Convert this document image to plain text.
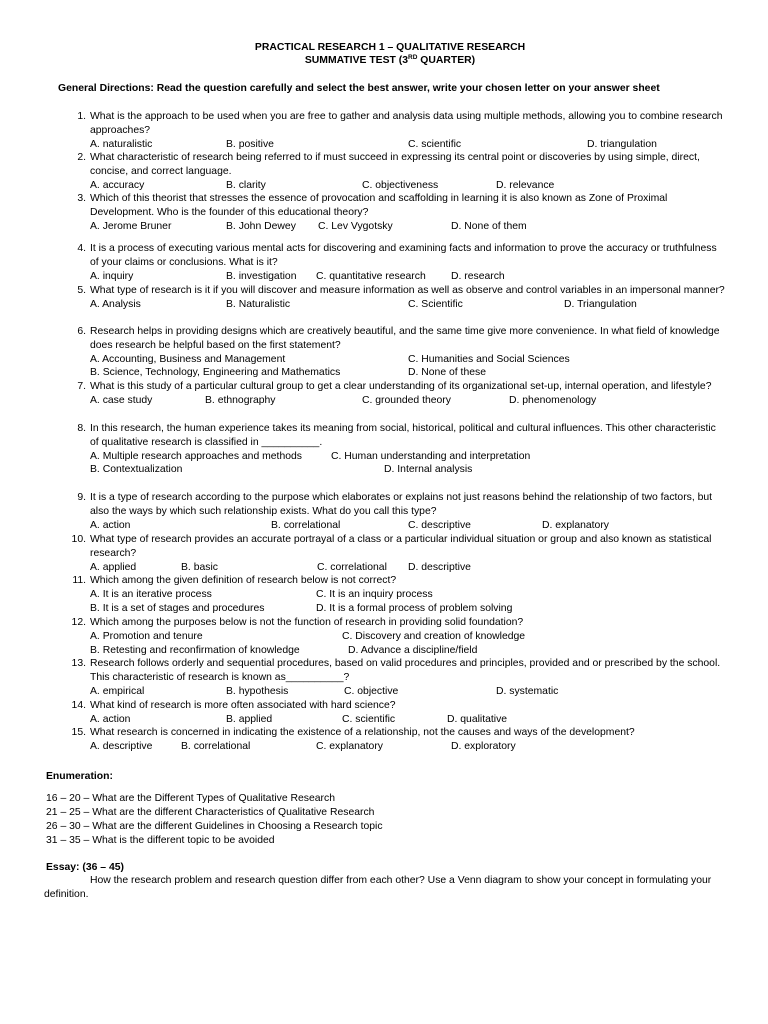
PRACTICAL RESEARCH 1 – QUALITATIVE RESEARCH
SUMMATIVE TEST (3RD QUARTER)
General Directions: Read the question carefully and select the best answer, write your chosen letter on your answer sheet
1. What is the approach to be used when you are free to gather and analysis data using multiple methods, allowing you to combine research approaches?
A. naturalistic	B. positive	C. scientific	D. triangulation
2. What characteristic of research being referred to if must succeed in expressing its central point or discoveries by using simple, direct, concise, and correct language.
A. accuracy	B. clarity	C. objectiveness	D. relevance
3. Which of this theorist that stresses the essence of provocation and scaffolding in learning it is also known as Zone of Proximal Development. Who is the founder of this educational theory?
A. Jerome Bruner	B. John Dewey C. Lev Vygotsky	D. None of them
4. It is a process of executing various mental acts for discovering and examining facts and information to prove the accuracy or truthfulness of your claims or conclusions. What is it?
A. inquiry	B. investigation C. quantitative research D. research
5. What type of research is it if you will discover and measure information as well as observe and control variables in an impersonal manner?
A. Analysis	B. Naturalistic	C. Scientific	D. Triangulation
6. Research helps in providing designs which are creatively beautiful, and the same time give more convenience. In what field of knowledge does research be helpful based on the first statement?
A. Accounting, Business and Management	C. Humanities and Social Sciences
B. Science, Technology, Engineering and Mathematics	D. None of these
7. What is this study of a particular cultural group to get a clear understanding of its organizational set-up, internal operation, and lifestyle?
A. case study	B. ethnography	C. grounded theory	D. phenomenology
8. In this research, the human experience takes its meaning from social, historical, political and cultural influences. This other characteristic of qualitative research is classified in __________.
A. Multiple research approaches and methods	C. Human understanding and interpretation
B. Contextualization	D. Internal analysis
9. It is a type of research according to the purpose which elaborates or explains not just reasons behind the relationship of two factors, but also the ways by which such relationship exists. What do you call this type?
A. action	B. correlational	C. descriptive	D. explanatory
10. What type of research provides an accurate portrayal of a class or a particular individual situation or group and also known as statistical research?
A. applied	B. basic	C. correlational D. descriptive
11. Which among the given definition of research below is not correct?
A. It is an iterative process	C. It is an inquiry process
B. It is a set of stages and procedures	D. It is a formal process of problem solving
12. Which among the purposes below is not the function of research in providing solid foundation?
A. Promotion and tenure	C. Discovery and creation of knowledge
B. Retesting and reconfirmation of knowledge	D. Advance a discipline/field
13. Research follows orderly and sequential procedures, based on valid procedures and principles, provided and or prescribed by the school. This characteristic of research is known as__________?
A. empirical	B. hypothesis	C. objective	D. systematic
14. What kind of research is more often associated with hard science?
A. action	B. applied	C. scientific	D. qualitative
15. What research is concerned in indicating the existence of a relationship, not the causes and ways of the development?
A. descriptive	B. correlational	C. explanatory	D. exploratory
Enumeration:
16 – 20 – What are the Different Types of Qualitative Research
21 – 25 – What are the different Characteristics of Qualitative Research
26 – 30 – What are the different Guidelines in Choosing a Research topic
31 – 35 – What is the different topic to be avoided
Essay: (36 – 45)
How the research problem and research question differ from each other? Use a Venn diagram to show your concept in formulating your definition.
